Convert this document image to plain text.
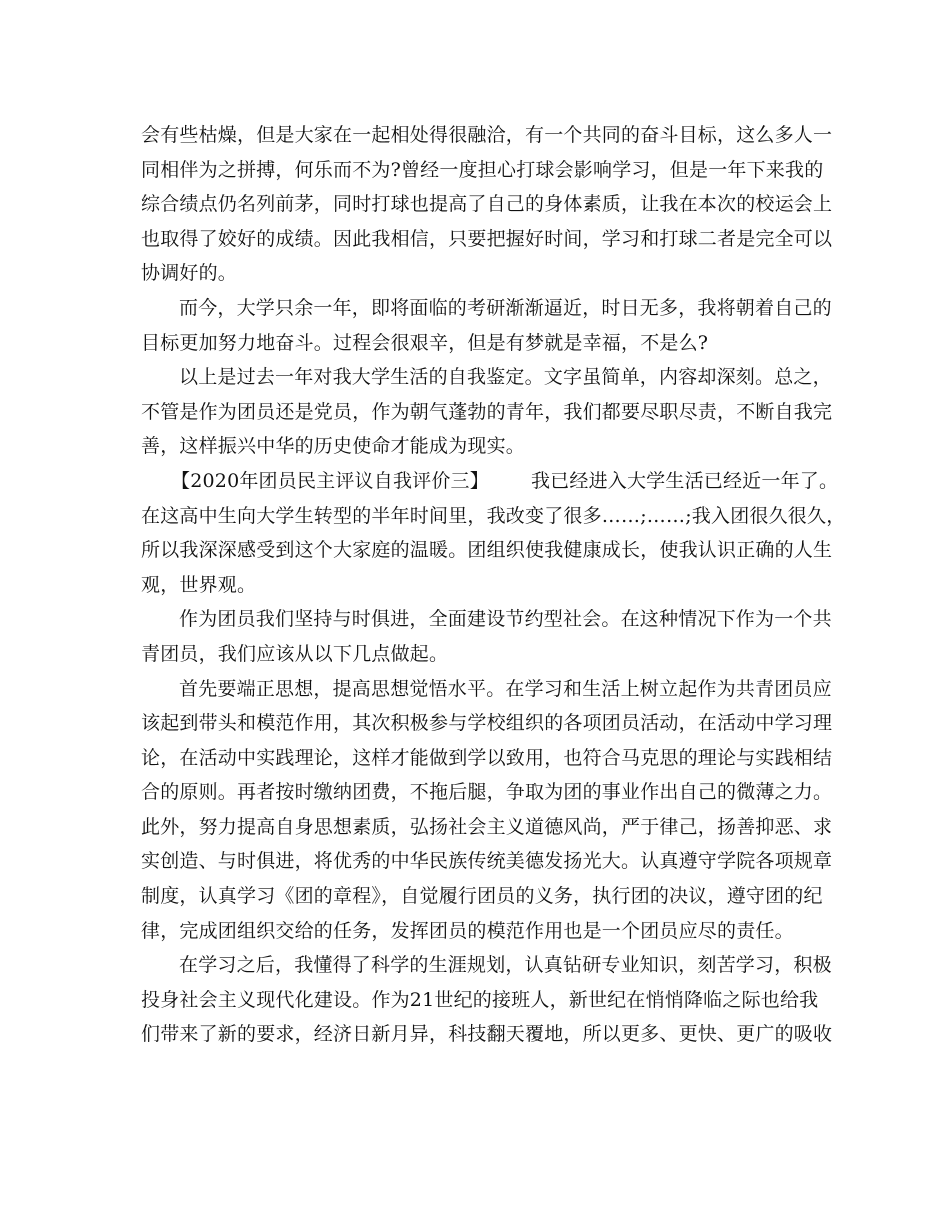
会有些枯燥，但是大家在一起相处得很融洽，有一个共同的奋斗目标，这么多人一
同相伴为之拼搏，何乐而不为?曾经一度担心打球会影响学习，但是一年下来我的
综合绩点仍名列前茅，同时打球也提高了自己的身体素质，让我在本次的校运会上
也取得了姣好的成绩。因此我相信，只要把握好时间，学习和打球二者是完全可以
协调好的。
而今，大学只余一年，即将面临的考研渐渐逼近，时日无多，我将朝着自己的
目标更加努力地奋斗。过程会很艰辛，但是有梦就是幸福，不是么?
以上是过去一年对我大学生活的自我鉴定。文字虽简单，内容却深刻。总之，
不管是作为团员还是党员，作为朝气蓬勃的青年，我们都要尽职尽责，不断自我完
善，这样振兴中华的历史使命才能成为现实。
【2020年团员民主评议自我评价三】 我已经进入大学生活已经近一年了。
在这高中生向大学生转型的半年时间里，我改变了很多……;……;我入团很久很久，
所以我深深感受到这个大家庭的温暖。团组织使我健康成长，使我认识正确的人生
观，世界观。
作为团员我们坚持与时俱进，全面建设节约型社会。在这种情况下作为一个共
青团员，我们应该从以下几点做起。
首先要端正思想，提高思想觉悟水平。在学习和生活上树立起作为共青团员应
该起到带头和模范作用，其次积极参与学校组织的各项团员活动，在活动中学习理
论，在活动中实践理论，这样才能做到学以致用，也符合马克思的理论与实践相结
合的原则。再者按时缴纳团费，不拖后腿，争取为团的事业作出自己的微薄之力。
此外，努力提高自身思想素质，弘扬社会主义道德风尚，严于律己，扬善抑恶、求
实创造、与时俱进，将优秀的中华民族传统美德发扬光大。认真遵守学院各项规章
制度，认真学习《团的章程》，自觉履行团员的义务，执行团的决议，遵守团的纪
律，完成团组织交给的任务，发挥团员的模范作用也是一个团员应尽的责任。
在学习之后，我懂得了科学的生涯规划，认真钻研专业知识，刻苦学习，积极
投身社会主义现代化建设。作为21世纪的接班人，新世纪在悄悄降临之际也给我
们带来了新的要求，经济日新月异，科技翻天覆地，所以更多、更快、更广的吸收
